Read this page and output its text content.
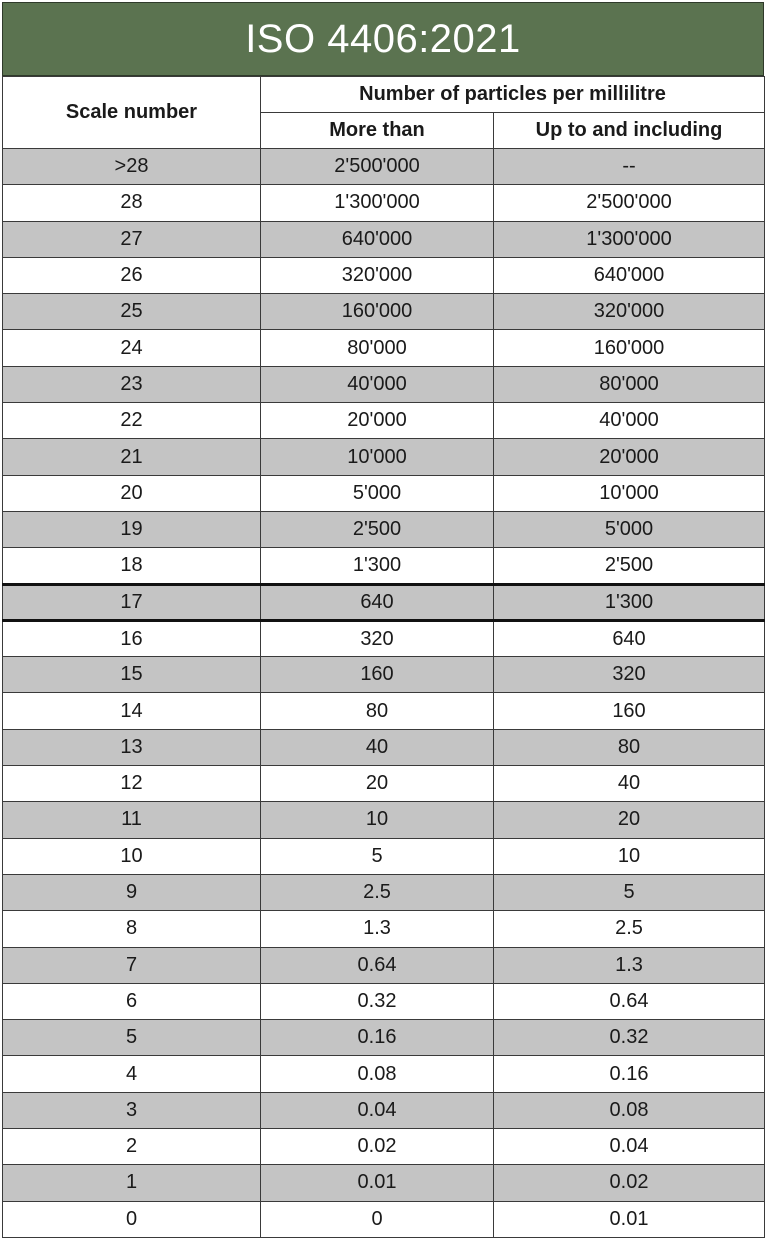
ISO 4406:2021
Scale number	Number of particles per millilitre	
	More than	Up to and including
>28	2'500'000	--
28	1'300'000	2'500'000
27	640'000	1'300'000
26	320'000	640'000
25	160'000	320'000
24	80'000	160'000
23	40'000	80'000
22	20'000	40'000
21	10'000	20'000
20	5'000	10'000
19	2'500	5'000
18	1'300	2'500
17	640	1'300
16	320	640
15	160	320
14	80	160
13	40	80
12	20	40
11	10	20
10	5	10
9	2.5	5
8	1.3	2.5
7	0.64	1.3
6	0.32	0.64
5	0.16	0.32
4	0.08	0.16
3	0.04	0.08
2	0.02	0.04
1	0.01	0.02
0	0	0.01
